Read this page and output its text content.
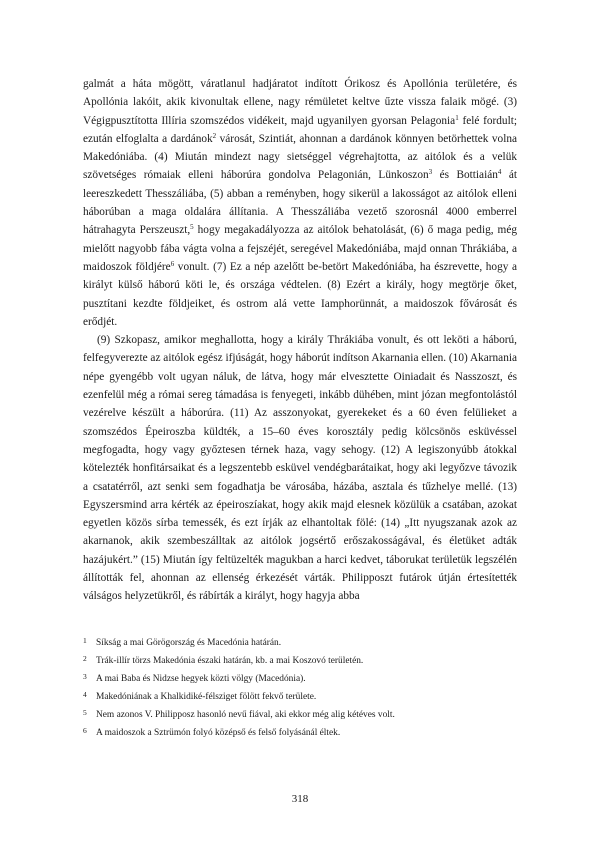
galmát a háta mögött, váratlanul hadjáratot indított Órikosz és Apollónia területére, és Apollónia lakóit, akik kivonultak ellene, nagy rémületet keltve űzte vissza falaik mögé. (3) Végigpusztította Illíria szomszédos vidékeit, majd ugyanilyen gyorsan Pelagonia$^1$ felé fordult; ezután elfoglalta a dardánok$^2$ városát, Szintiát, ahonnan a dardánok könnyen betörhettek volna Makedóniába. (4) Miután mindezt nagy sietséggel végrehajtotta, az aitólok és a velük szövetséges rómaiak elleni háborúra gondolva Pelagonián, Lünkoszon$^3$ és Bottiaián$^4$ át leereszkedett Thesszáliába, (5) abban a reményben, hogy sikerül a lakosságot az aitólok elleni háborúban a maga oldalára állítania. A Thesszáliába vezető szorosnál 4000 emberrel hátrahagyta Perszeuszt,$^5$ hogy megakadályozza az aitólok behatolását, (6) ő maga pedig, még mielőtt nagyobb fába vágta volna a fejszéjét, seregével Makedóniába, majd onnan Thrákiába, a maidoszok földjére$^6$ vonult. (7) Ez a nép azelőtt be-betört Makedóniába, ha észrevette, hogy a királyt külső háború köti le, és országa védtelen. (8) Ezért a király, hogy megtörje őket, pusztítani kezdte földjeiket, és ostrom alá vette Iamphorünnát, a maidoszok fővárosát és erődjét.

(9) Szkopasz, amikor meghallotta, hogy a király Thrákiába vonult, és ott leköti a háború, felfegyverezte az aitólok egész ifjúságát, hogy háborút indítson Akarnania ellen. (10) Akarnania népe gyengébb volt ugyan náluk, de látva, hogy már elvesztette Oiniadait és Nasszoszt, és ezenfelül még a római sereg támadása is fenyegeti, inkább dühében, mint józan megfontolástól vezérelve készült a háborúra. (11) Az asszonyokat, gyerekeket és a 60 éven felülieket a szomszédos Épeiroszba küldték, a 15–60 éves korosztály pedig kölcsönös esküvéssel megfogadta, hogy vagy győztesen térnek haza, vagy sehogy. (12) A legiszonyúbb átokkal kötelezték honfitársaikat és a legszentebb esküvel vendégbarátaikat, hogy aki legyőzve távozik a csatatérről, azt senki sem fogadhatja be városába, házába, asztala és tűzhelye mellé. (13) Egyszersmind arra kérték az épeiroszíakat, hogy akik majd elesnek közülük a csatában, azokat egyetlen közös sírba temessék, és ezt írják az elhantoltak fölé: (14) „Itt nyugszanak azok az akarnanok, akik szembeszálltak az aitólok jogsértő erőszakosságával, és életüket adták hazájukért.” (15) Miután így feltüzelték magukban a harci kedvet, táborukat területük legszélén állították fel, ahonnan az ellenség érkezését várták. Philipposzt futárok útján értesítették válságos helyzetükről, és rábírták a királyt, hogy hagyja abba

1 Síkság a mai Görögország és Macedónia határán.
2 Trák-illír törzs Makedónia északi határán, kb. a mai Koszovó területén.
3 A mai Baba és Nidzse hegyek közti völgy (Macedónia).
4 Makedóniának a Khalkidiké-félsziget fölött fekvő területe.
5 Nem azonos V. Philipposz hasonló nevű fiával, aki ekkor még alig kétéves volt.
6 A maidoszok a Sztrümón folyó középső és felső folyásánál éltek.
318
